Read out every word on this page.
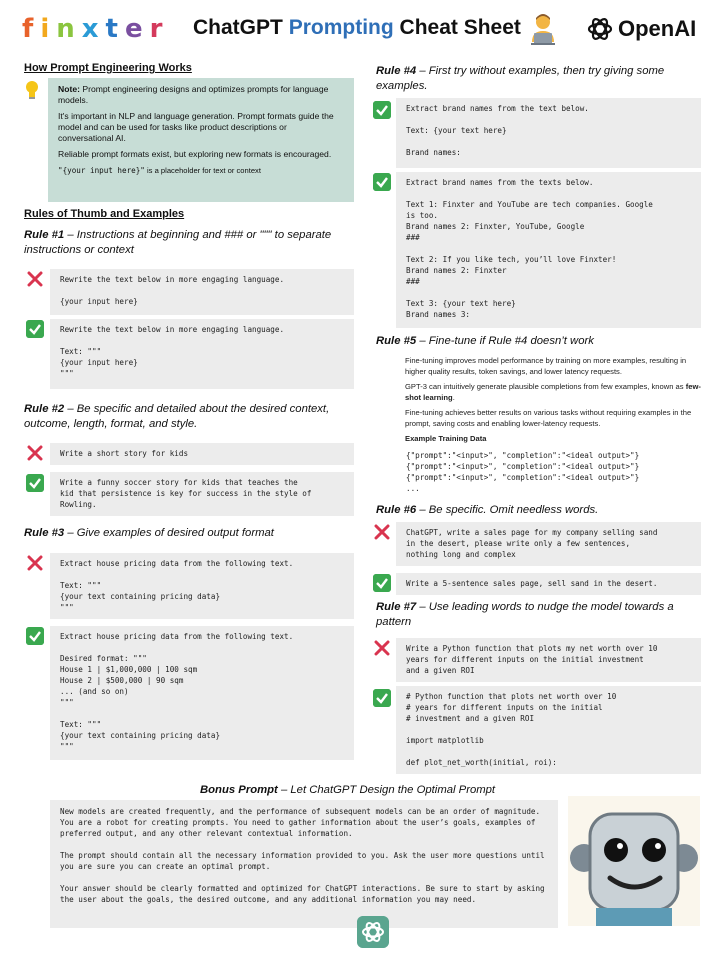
finxter ChatGPT Prompting Cheat Sheet	OpenAI
How Prompt Engineering Works

Note: Prompt engineering designs and optimizes prompts for language models.

It's important in NLP and language generation. Prompt formats guide the model and can be used for tasks like product descriptions or conversational AI.

Reliable prompt formats exist, but exploring new formats is encouraged.

"{your input here}" is a placeholder for text or context

Rules of Thumb and Examples
Rule #1 – Instructions at beginning and ### or """ to separate instructions or context
Rewrite the text below in more engaging language.

{your input here}
Rewrite the text below in more engaging language.

Text: """
{your input here}
"""
Rule #2 – Be specific and detailed about the desired context, outcome, length, format, and style.
Write a short story for kids
Write a funny soccer story for kids that teaches the
kid that persistence is key for success in the style of
Rowling.
Rule #3 – Give examples of desired output format
Extract house pricing data from the following text.

Text: """
{your text containing pricing data}
"""
Extract house pricing data from the following text.

Desired format: """
House 1 | $1,000,000 | 100 sqm
House 2 | $500,000 | 90 sqm
... (and so on)
"""

Text: """
{your text containing pricing data}
"""
Rule #4 – First try without examples, then try giving some examples.
Extract brand names from the text below.

Text: {your text here}

Brand names:
Extract brand names from the texts below.

Text 1: Finxter and YouTube are tech companies. Google
is too.
Brand names 2: Finxter, YouTube, Google
###

Text 2: If you like tech, you’ll love Finxter!
Brand names 2: Finxter
###

Text 3: {your text here}
Brand names 3:
Rule #5 – Fine-tune if Rule #4 doesn’t work

Fine-tuning improves model performance by training on more examples, resulting in higher quality results, token savings, and lower latency requests.

GPT-3 can intuitively generate plausible completions from few examples, known as few-shot learning.

Fine-tuning achieves better results on various tasks without requiring examples in the prompt, saving costs and enabling lower-latency requests.

Example Training Data

{"prompt":"<input>", "completion":"<ideal output>"}
{"prompt":"<input>", "completion":"<ideal output>"}
{"prompt":"<input>", "completion":"<ideal output>"}
...
Rule #6 – Be specific. Omit needless words.
ChatGPT, write a sales page for my company selling sand
in the desert, please write only a few sentences,
nothing long and complex
Write a 5-sentence sales page, sell sand in the desert.
Rule #7 – Use leading words to nudge the model towards a pattern
Write a Python function that plots my net worth over 10
years for different inputs on the initial investment
and a given ROI
# Python function that plots net worth over 10
# years for different inputs on the initial
# investment and a given ROI

import matplotlib

def plot_net_worth(initial, roi):
Bonus Prompt – Let ChatGPT Design the Optimal Prompt

New models are created frequently, and the performance of subsequent models can be an order of magnitude. You are a robot for creating prompts. You need to gather information about the user’s goals, examples of preferred output, and any other relevant contextual information.

The prompt should contain all the necessary information provided to you. Ask the user more questions until you are sure you can create an optimal prompt.

Your answer should be clearly formatted and optimized for ChatGPT interactions. Be sure to start by asking the user about the goals, the desired outcome, and any additional information you may need.
